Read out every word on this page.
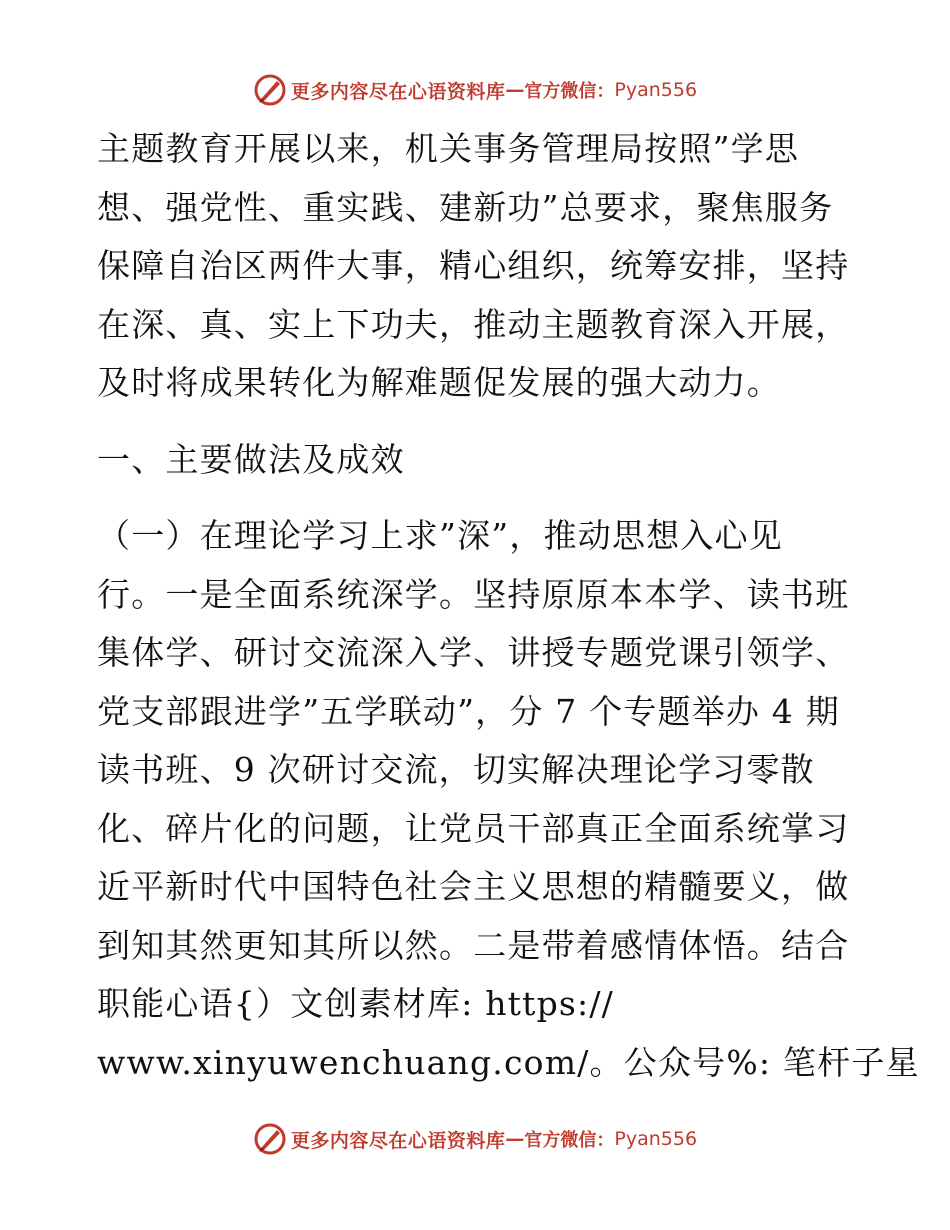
更多内容尽在心语资料库 — 官方微信： Pyan556
主题教育开展以来，机关事务管理局按照”学思
想、强党性、重实践、建新功”总要求，聚焦服务
保障自治区两件大事，精心组织，统筹安排，坚持
在深、真、实上下功夫，推动主题教育深入开展，
及时将成果转化为解难题促发展的强大动力。
一、主要做法及成效
（一）在理论学习上求”深”，推动思想入心见
行。一是全面系统深学。坚持原原本本学、读书班
集体学、研讨交流深入学、讲授专题党课引领学、
党支部跟进学”五学联动”，分 7 个专题举办 4 期
读书班、9 次研讨交流，切实解决理论学习零散
化、碎片化的问题，让党员干部真正全面系统掌习
近平新时代中国特色社会主义思想的精髓要义，做
到知其然更知其所以然。二是带着感情体悟。结合
职能心语{）文创素材库: https://
www.xinyuwenchuang.com/。公众号%: 笔杆子星
更多内容尽在心语资料库 — 官方微信： Pyan556
